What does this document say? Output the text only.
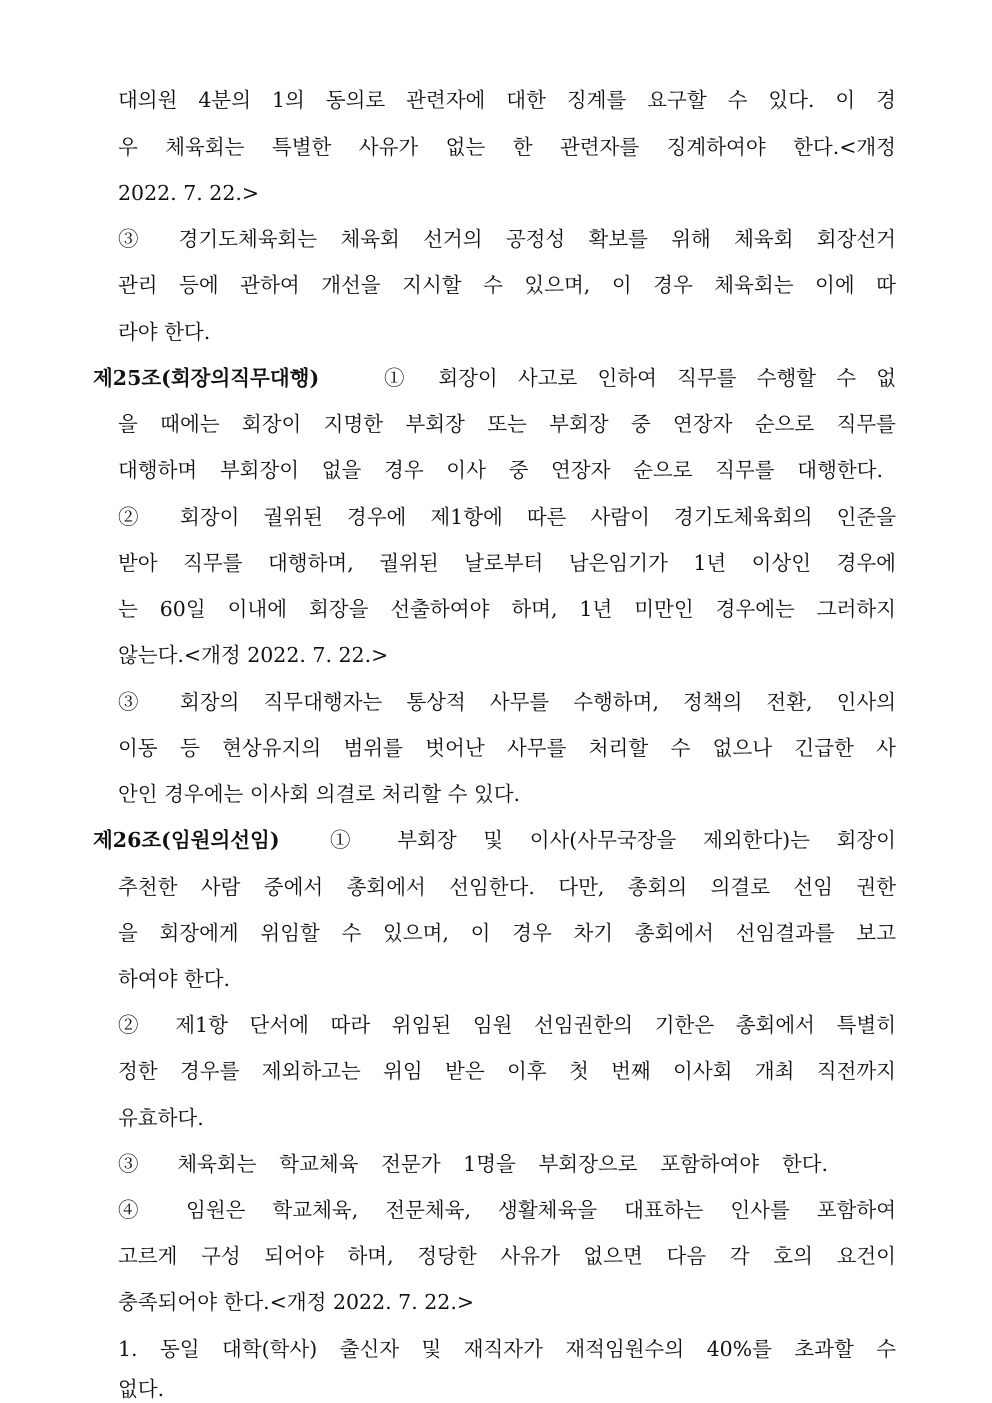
대의원 4분의 1의 동의로 관련자에 대한 징계를 요구할 수 있다. 이 경
우 체육회는 특별한 사유가 없는 한 관련자를 징계하여야 한다.<개정
2022. 7. 22.>
③ 경기도체육회는 체육회 선거의 공정성 확보를 위해 체육회 회장선거
관리 등에 관하여 개선을 지시할 수 있으며, 이 경우 체육회는 이에 따
라야 한다.
제25조(회장의직무대행)	① 회장이 사고로 인하여 직무를 수행할 수 없
을 때에는 회장이 지명한 부회장 또는 부회장 중 연장자 순으로 직무를
대행하며 부회장이 없을 경우 이사 중 연장자 순으로 직무를 대행한다.
② 회장이 궐위된 경우에 제1항에 따른 사람이 경기도체육회의 인준을
받아 직무를 대행하며, 궐위된 날로부터 남은임기가 1년 이상인 경우에
는 60일 이내에 회장을 선출하여야 하며, 1년 미만인 경우에는 그러하지
않는다.<개정 2022. 7. 22.>
③ 회장의 직무대행자는 통상적 사무를 수행하며, 정책의 전환, 인사의
이동 등 현상유지의 범위를 벗어난 사무를 처리할 수 없으나 긴급한 사
안인 경우에는 이사회 의결로 처리할 수 있다.
제26조(임원의선임) ① 부회장 및 이사(사무국장을 제외한다)는 회장이
추천한 사람 중에서 총회에서 선임한다. 다만, 총회의 의결로 선임 권한
을 회장에게 위임할 수 있으며, 이 경우 차기 총회에서 선임결과를 보고
하여야 한다.
② 제1항 단서에 따라 위임된 임원 선임권한의 기한은 총회에서 특별히
정한 경우를 제외하고는 위임 받은 이후 첫 번째 이사회 개최 직전까지
유효하다.
③ 체육회는 학교체육 전문가 1명을 부회장으로 포함하여야 한다.
④ 임원은 학교체육, 전문체육, 생활체육을 대표하는 인사를 포함하여
고르게 구성 되어야 하며, 정당한 사유가 없으면 다음 각 호의 요건이
충족되어야 한다.<개정 2022. 7. 22.>
1. 동일 대학(학사) 출신자 및 재직자가 재적임원수의 40%를 초과할 수
없다.
